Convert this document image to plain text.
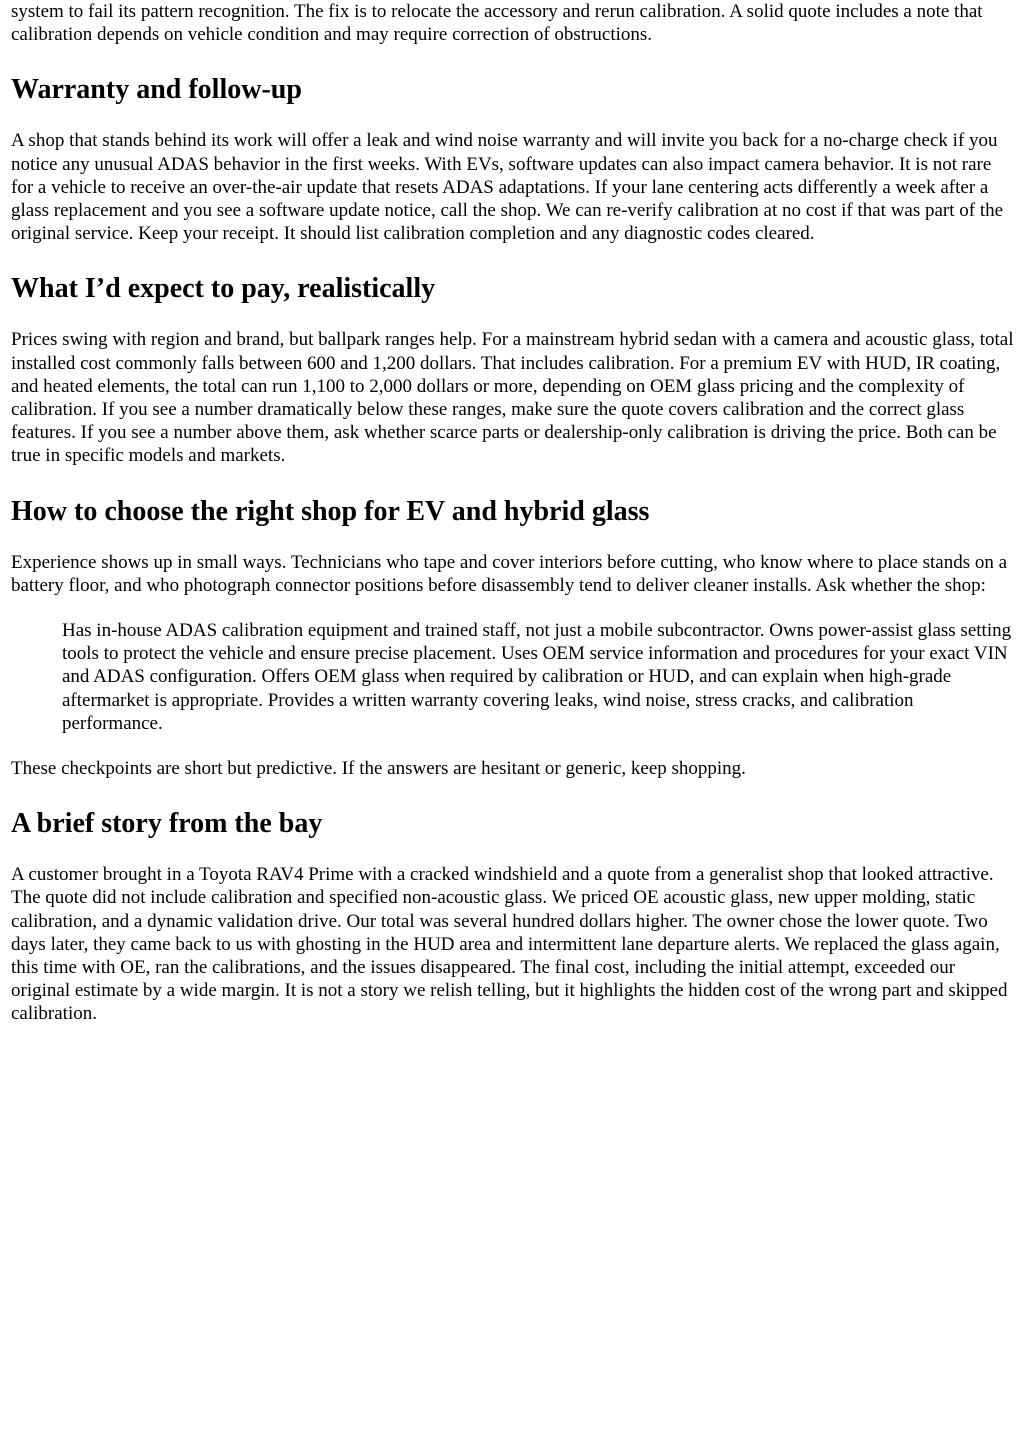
system to fail its pattern recognition. The fix is to relocate the accessory and rerun calibration. A solid quote includes a note that calibration depends on vehicle condition and may require correction of obstructions.

Warranty and follow-up

A shop that stands behind its work will offer a leak and wind noise warranty and will invite you back for a no-charge check if you notice any unusual ADAS behavior in the first weeks. With EVs, software updates can also impact camera behavior. It is not rare for a vehicle to receive an over-the-air update that resets ADAS adaptations. If your lane centering acts differently a week after a glass replacement and you see a software update notice, call the shop. We can re-verify calibration at no cost if that was part of the original service. Keep your receipt. It should list calibration completion and any diagnostic codes cleared.

What I’d expect to pay, realistically

Prices swing with region and brand, but ballpark ranges help. For a mainstream hybrid sedan with a camera and acoustic glass, total installed cost commonly falls between 600 and 1,200 dollars. That includes calibration. For a premium EV with HUD, IR coating, and heated elements, the total can run 1,100 to 2,000 dollars or more, depending on OEM glass pricing and the complexity of calibration. If you see a number dramatically below these ranges, make sure the quote covers calibration and the correct glass features. If you see a number above them, ask whether scarce parts or dealership-only calibration is driving the price. Both can be true in specific models and markets.

How to choose the right shop for EV and hybrid glass

Experience shows up in small ways. Technicians who tape and cover interiors before cutting, who know where to place stands on a battery floor, and who photograph connector positions before disassembly tend to deliver cleaner installs. Ask whether the shop:

Has in-house ADAS calibration equipment and trained staff, not just a mobile subcontractor. Owns power-assist glass setting tools to protect the vehicle and ensure precise placement. Uses OEM service information and procedures for your exact VIN and ADAS configuration. Offers OEM glass when required by calibration or HUD, and can explain when high-grade aftermarket is appropriate. Provides a written warranty covering leaks, wind noise, stress cracks, and calibration performance.

These checkpoints are short but predictive. If the answers are hesitant or generic, keep shopping.

A brief story from the bay

A customer brought in a Toyota RAV4 Prime with a cracked windshield and a quote from a generalist shop that looked attractive. The quote did not include calibration and specified non-acoustic glass. We priced OE acoustic glass, new upper molding, static calibration, and a dynamic validation drive. Our total was several hundred dollars higher. The owner chose the lower quote. Two days later, they came back to us with ghosting in the HUD area and intermittent lane departure alerts. We replaced the glass again, this time with OE, ran the calibrations, and the issues disappeared. The final cost, including the initial attempt, exceeded our original estimate by a wide margin. It is not a story we relish telling, but it highlights the hidden cost of the wrong part and skipped calibration.
